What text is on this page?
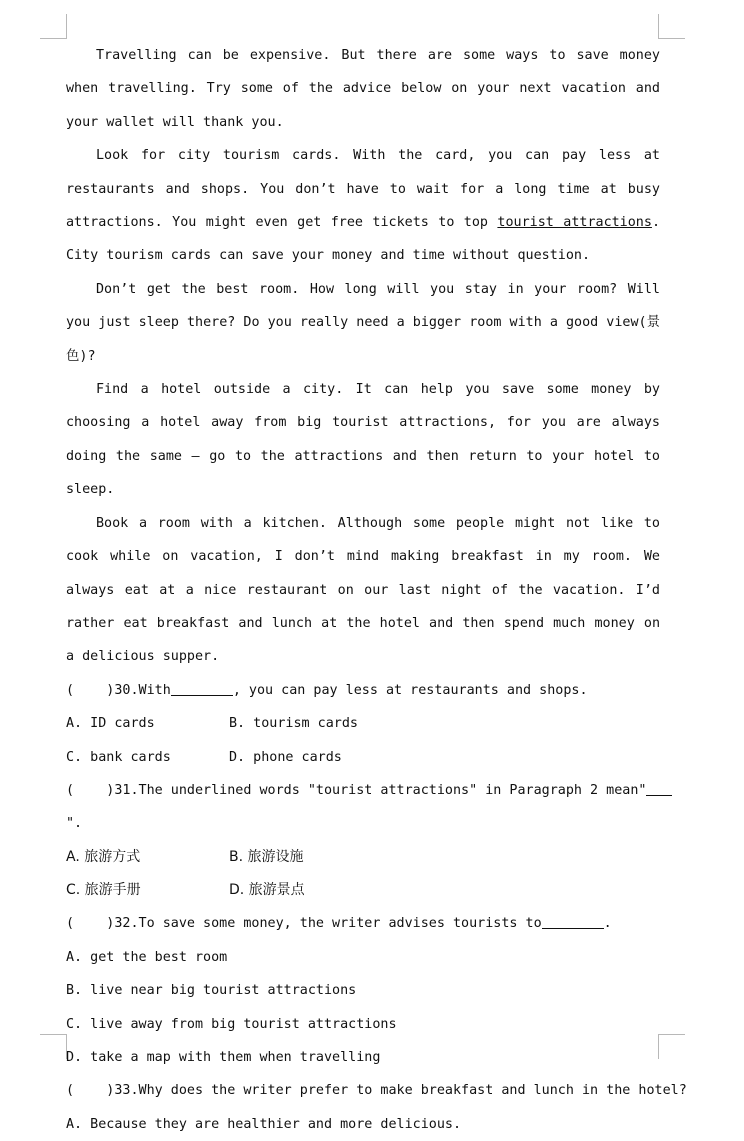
Travelling can be expensive. But there are some ways to save money when travelling. Try some of the advice below on your next vacation and your wallet will thank you.

Look for city tourism cards. With the card, you can pay less at restaurants and shops. You don’t have to wait for a long time at busy attractions. You might even get free tickets to top tourist attractions. City tourism cards can save your money and time without question.

Don’t get the best room. How long will you stay in your room? Will you just sleep there? Do you really need a bigger room with a good view(景色)?

Find a hotel outside a city. It can help you save some money by choosing a hotel away from big tourist attractions, for you are always doing the same — go to the attractions and then return to your hotel to sleep.

Book a room with a kitchen. Although some people might not like to cook while on vacation, I don’t mind making breakfast in my room. We always eat at a nice restaurant on our last night of the vacation. I’d rather eat breakfast and lunch at the hotel and then spend much money on a delicious supper.

(    )30.With	, you can pay less at restaurants and shops.
A. ID cards	B. tourism cards
C. bank cards	D. phone cards
(    )31.The underlined words "tourist attractions" in Paragraph 2 mean"
".
A. 旅游方式	B. 旅游设施
C. 旅游手册	D. 旅游景点
(    )32.To save some money, the writer advises tourists to	.
A. get the best room
B. live near big tourist attractions
C. live away from big tourist attractions
D. take a map with them when travelling
(    )33.Why does the writer prefer to make breakfast and lunch in the hotel?
A. Because they are healthier and more delicious.
